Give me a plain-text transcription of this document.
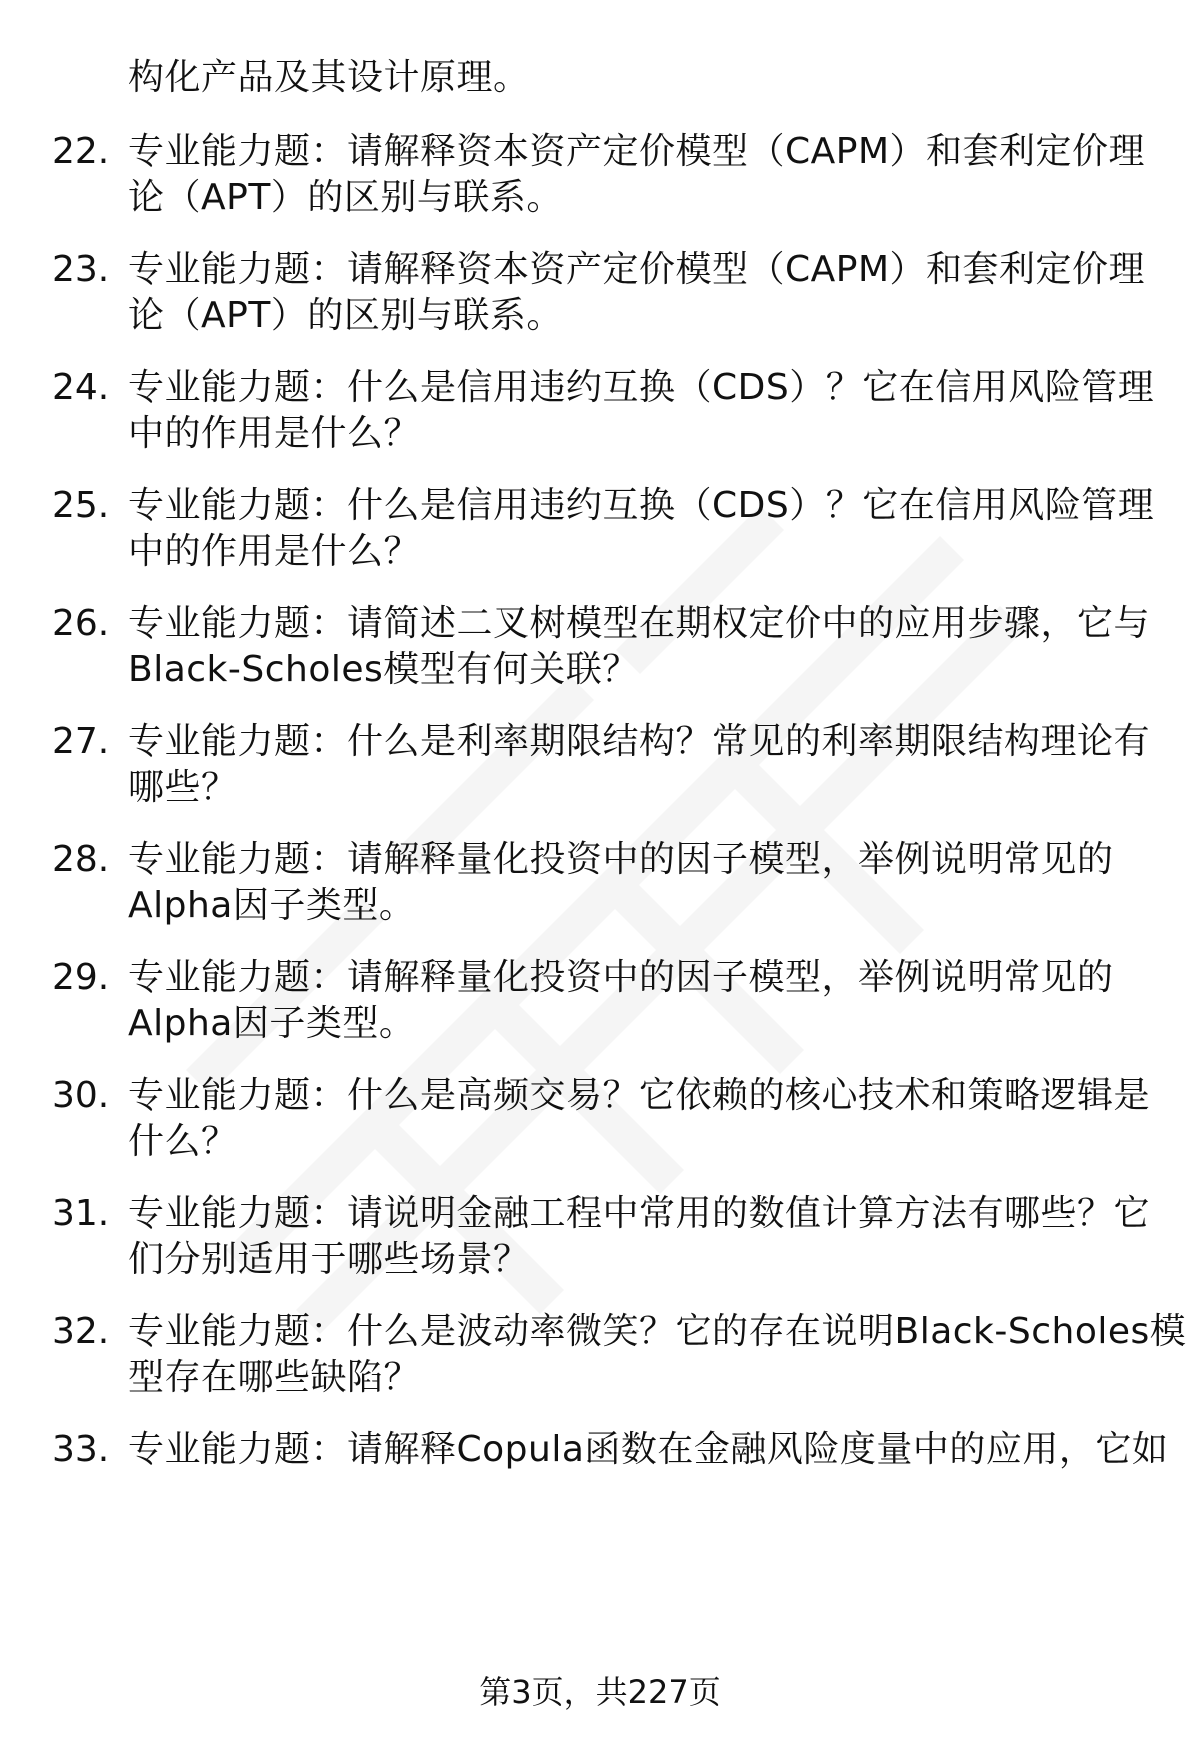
构化产品及其设计原理。
22. 专业能力题：请解释资本资产定价模型（CAPM）和套利定价理
论（APT）的区别与联系。
23. 专业能力题：请解释资本资产定价模型（CAPM）和套利定价理
论（APT）的区别与联系。
24. 专业能力题：什么是信用违约互换（CDS）？它在信用风险管理
中的作用是什么？
25. 专业能力题：什么是信用违约互换（CDS）？它在信用风险管理
中的作用是什么？
26. 专业能力题：请简述二叉树模型在期权定价中的应用步骤，它与
Black-Scholes模型有何关联？
27. 专业能力题：什么是利率期限结构？常见的利率期限结构理论有
哪些？
28. 专业能力题：请解释量化投资中的因子模型，举例说明常见的
Alpha因子类型。
29. 专业能力题：请解释量化投资中的因子模型，举例说明常见的
Alpha因子类型。
30. 专业能力题：什么是高频交易？它依赖的核心技术和策略逻辑是
什么？
31. 专业能力题：请说明金融工程中常用的数值计算方法有哪些？它
们分别适用于哪些场景？
32. 专业能力题：什么是波动率微笑？它的存在说明Black-Scholes模
型存在哪些缺陷？
33. 专业能力题：请解释Copula函数在金融风险度量中的应用，它如
第3页，共227页
